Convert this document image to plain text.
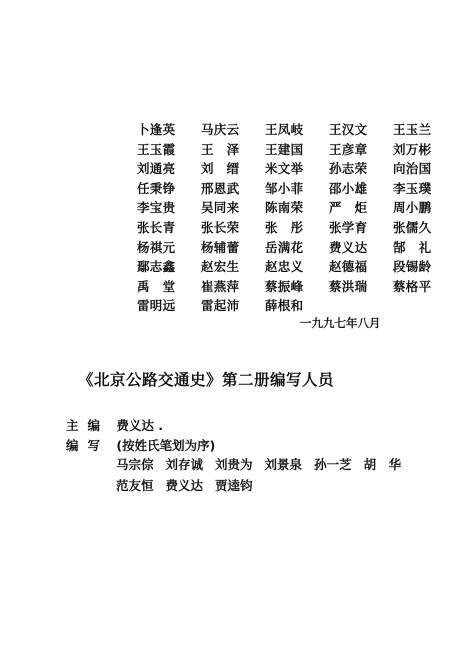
卜逢英	马庆云	王凤岐	王汉文	王玉兰
王玉霞	王　泽	王建国	王彦章	刘万彬
刘通亮	刘　缙	米文举	孙志荣	向治国
任秉铮	邢恩武	邹小菲	邵小雄	李玉璞
李宝贵	吴同来	陈南荣	严　炬	周小鹏
张长青	张长荣	张　彤	张学育	张儒久
杨祺元	杨辅蕾	岳满花	费义达	郜　礼
鄢志鑫	赵宏生	赵忠义	赵德福	段锡龄
禹　堂	崔燕萍	蔡振峰	蔡洪瑞	蔡格平
雷明远	雷起沛	薛根和
一九九七年八月
《北京公路交通史》第二册编写人员
主编 费义达 .
编写 (按姓氏笔划为序)
马宗倧 刘存诚 刘贵为 刘景泉 孙一芝 胡　华
范友恒 费义达 贾逵钧
